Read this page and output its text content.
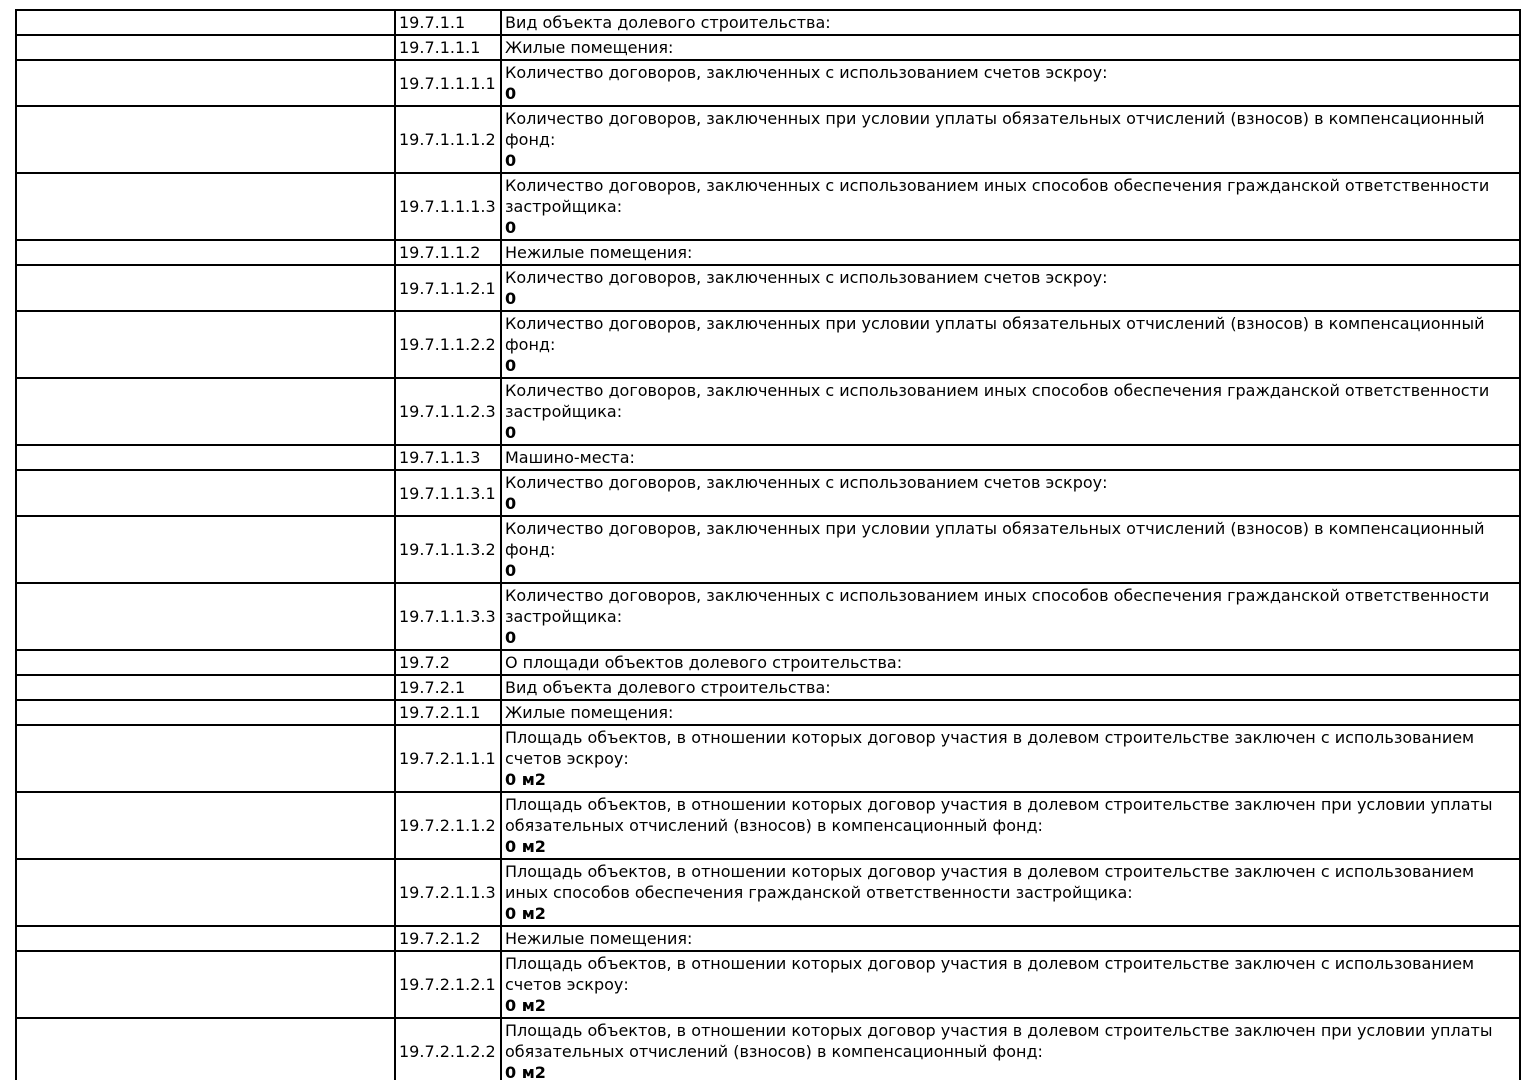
	19.7.1.1	Вид объекта долевого строительства:

	19.7.1.1.1	Жилые помещения:

	19.7.1.1.1.1	Количество договоров, заключенных с использованием счетов эскроу:
0

	19.7.1.1.1.2	Количество договоров, заключенных при условии уплаты обязательных отчислений (взносов) в компенсационный фонд:
0

	19.7.1.1.1.3	Количество договоров, заключенных с использованием иных способов обеспечения гражданской ответственности застройщика:
0

	19.7.1.1.2	Нежилые помещения:

	19.7.1.1.2.1	Количество договоров, заключенных с использованием счетов эскроу:
0

	19.7.1.1.2.2	Количество договоров, заключенных при условии уплаты обязательных отчислений (взносов) в компенсационный фонд:
0

	19.7.1.1.2.3	Количество договоров, заключенных с использованием иных способов обеспечения гражданской ответственности застройщика:
0

	19.7.1.1.3	Машино-места:

	19.7.1.1.3.1	Количество договоров, заключенных с использованием счетов эскроу:
0

	19.7.1.1.3.2	Количество договоров, заключенных при условии уплаты обязательных отчислений (взносов) в компенсационный фонд:
0

	19.7.1.1.3.3	Количество договоров, заключенных с использованием иных способов обеспечения гражданской ответственности застройщика:
0

	19.7.2	О площади объектов долевого строительства:

	19.7.2.1	Вид объекта долевого строительства:

	19.7.2.1.1	Жилые помещения:

	19.7.2.1.1.1	Площадь объектов, в отношении которых договор участия в долевом строительстве заключен с использованием счетов эскроу:
0 м2

	19.7.2.1.1.2	Площадь объектов, в отношении которых договор участия в долевом строительстве заключен при условии уплаты обязательных отчислений (взносов) в компенсационный фонд:
0 м2

	19.7.2.1.1.3	Площадь объектов, в отношении которых договор участия в долевом строительстве заключен с использованием иных способов обеспечения гражданской ответственности застройщика:
0 м2

	19.7.2.1.2	Нежилые помещения:

	19.7.2.1.2.1	Площадь объектов, в отношении которых договор участия в долевом строительстве заключен с использованием счетов эскроу:
0 м2

	19.7.2.1.2.2	Площадь объектов, в отношении которых договор участия в долевом строительстве заключен при условии уплаты обязательных отчислений (взносов) в компенсационный фонд:
0 м2
